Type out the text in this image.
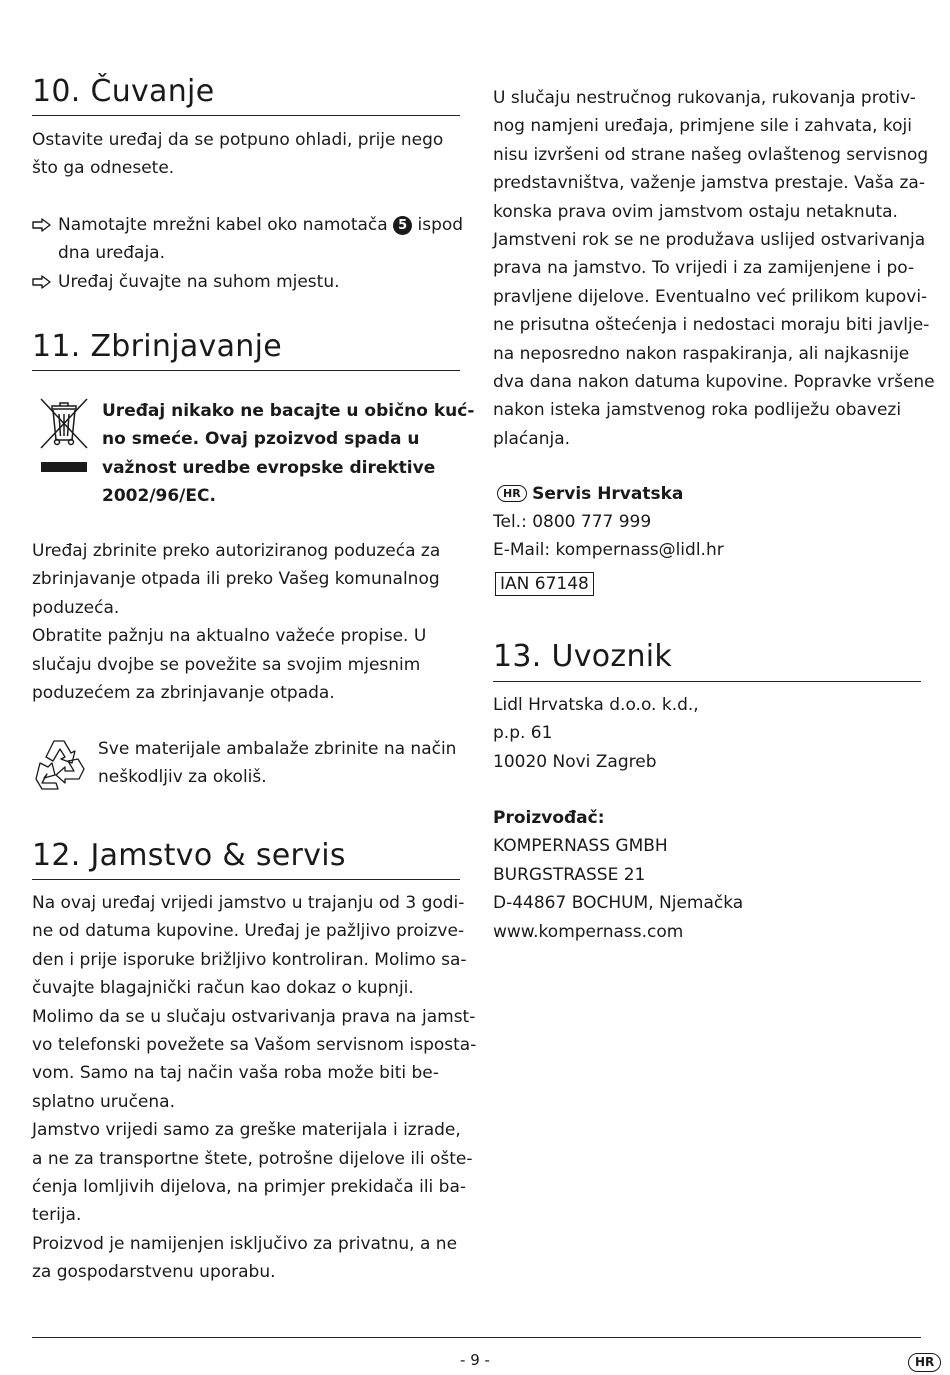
10. Čuvanje
Ostavite uređaj da se potpuno ohladi, prije nego
što ga odnesete.
Namotajte mrežni kabel oko namotača 5 ispod
dna uređaja.
Uređaj čuvajte na suhom mjestu.
11. Zbrinjavanje
Uređaj nikako ne bacajte u obično kuć-
no smeće. Ovaj pzoizvod spada u
važnost uredbe evropske direktive
2002/96/EC.
Uređaj zbrinite preko autoriziranog poduzeća za
zbrinjavanje otpada ili preko Vašeg komunalnog
poduzeća.
Obratite pažnju na aktualno važeće propise. U
slučaju dvojbe se povežite sa svojim mjesnim
poduzećem za zbrinjavanje otpada.
Sve materijale ambalaže zbrinite na način
neškodljiv za okoliš.
12. Jamstvo & servis
Na ovaj uređaj vrijedi jamstvo u trajanju od 3 godi-
ne od datuma kupovine. Uređaj je pažljivo proizve-
den i prije isporuke brižljivo kontroliran. Molimo sa-
čuvajte blagajnički račun kao dokaz o kupnji.
Molimo da se u slučaju ostvarivanja prava na jamst-
vo telefonski povežete sa Vašom servisnom isposta-
vom. Samo na taj način vaša roba može biti be-
splatno uručena.
Jamstvo vrijedi samo za greške materijala i izrade,
a ne za transportne štete, potrošne dijelove ili ošte-
ćenja lomljivih dijelova, na primjer prekidača ili ba-
terija.
Proizvod je namijenjen isključivo za privatnu, a ne
za gospodarstvenu uporabu.
U slučaju nestručnog rukovanja, rukovanja protiv-
nog namjeni uređaja, primjene sile i zahvata, koji
nisu izvršeni od strane našeg ovlaštenog servisnog
predstavništva, važenje jamstva prestaje. Vaša za-
konska prava ovim jamstvom ostaju netaknuta.
Jamstveni rok se ne produžava uslijed ostvarivanja
prava na jamstvo. To vrijedi i za zamijenjene i po-
pravljene dijelove. Eventualno već prilikom kupovi-
ne prisutna oštećenja i nedostaci moraju biti javlje-
na neposredno nakon raspakiranja, ali najkasnije
dva dana nakon datuma kupovine. Popravke vršene
nakon isteka jamstvenog roka podliježu obavezi
plaćanja.
HR Servis Hrvatska
Tel.: 0800 777 999
E-Mail: kompernass@lidl.hr
IAN 67148
13. Uvoznik
Lidl Hrvatska d.o.o. k.d.,
p.p. 61
10020 Novi Zagreb
Proizvođač:
KOMPERNASS GMBH
BURGSTRASSE 21
D-44867 BOCHUM, Njemačka
www.kompernass.com
- 9 -	HR
